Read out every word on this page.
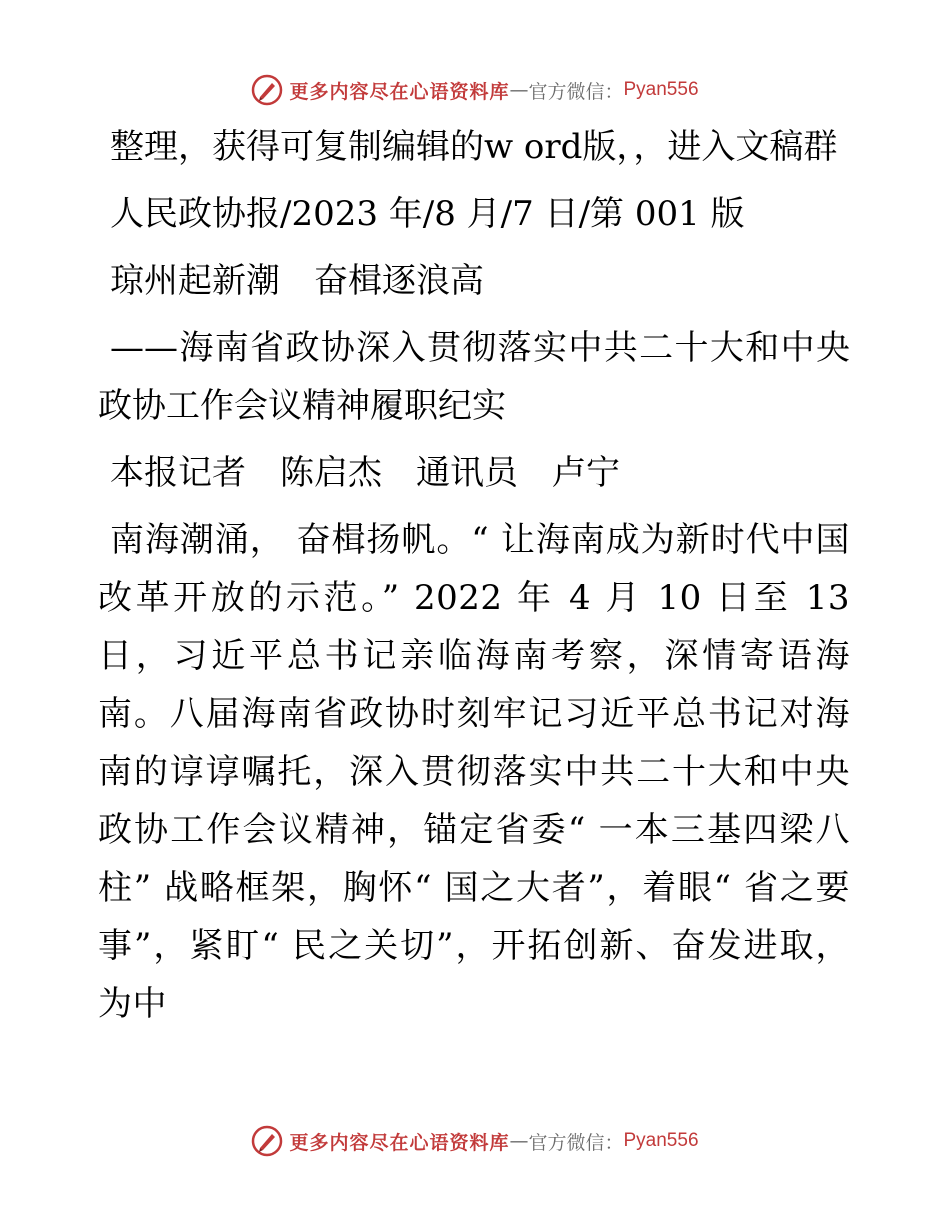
更多内容尽在心语资料库 — 官方微信： Pyan556

整理，获得可复制编辑的w ord版，，进入文稿群

人民政协报/2023 年/8 月/7 日/第 001 版

琼州起新潮　奋楫逐浪高

——海南省政协深入贯彻落实中共二十大和中央政协工作会议精神履职纪实

本报记者　陈启杰　通讯员　卢宁

南海潮涌， 奋楫扬帆。“ 让海南成为新时代中国改革开放的示范。” 2022 年 4 月 10 日至 13 日，习近平总书记亲临海南考察，深情寄语海南。八届海南省政协时刻牢记习近平总书记对海南的谆谆嘱托，深入贯彻落实中共二十大和中央政协工作会议精神，锚定省委“ 一本三基四梁八柱” 战略框架，胸怀“ 国之大者”，着眼“ 省之要事”，紧盯“ 民之关切”，开拓创新、奋发进取，为中

更多内容尽在心语资料库 — 官方微信： Pyan556
